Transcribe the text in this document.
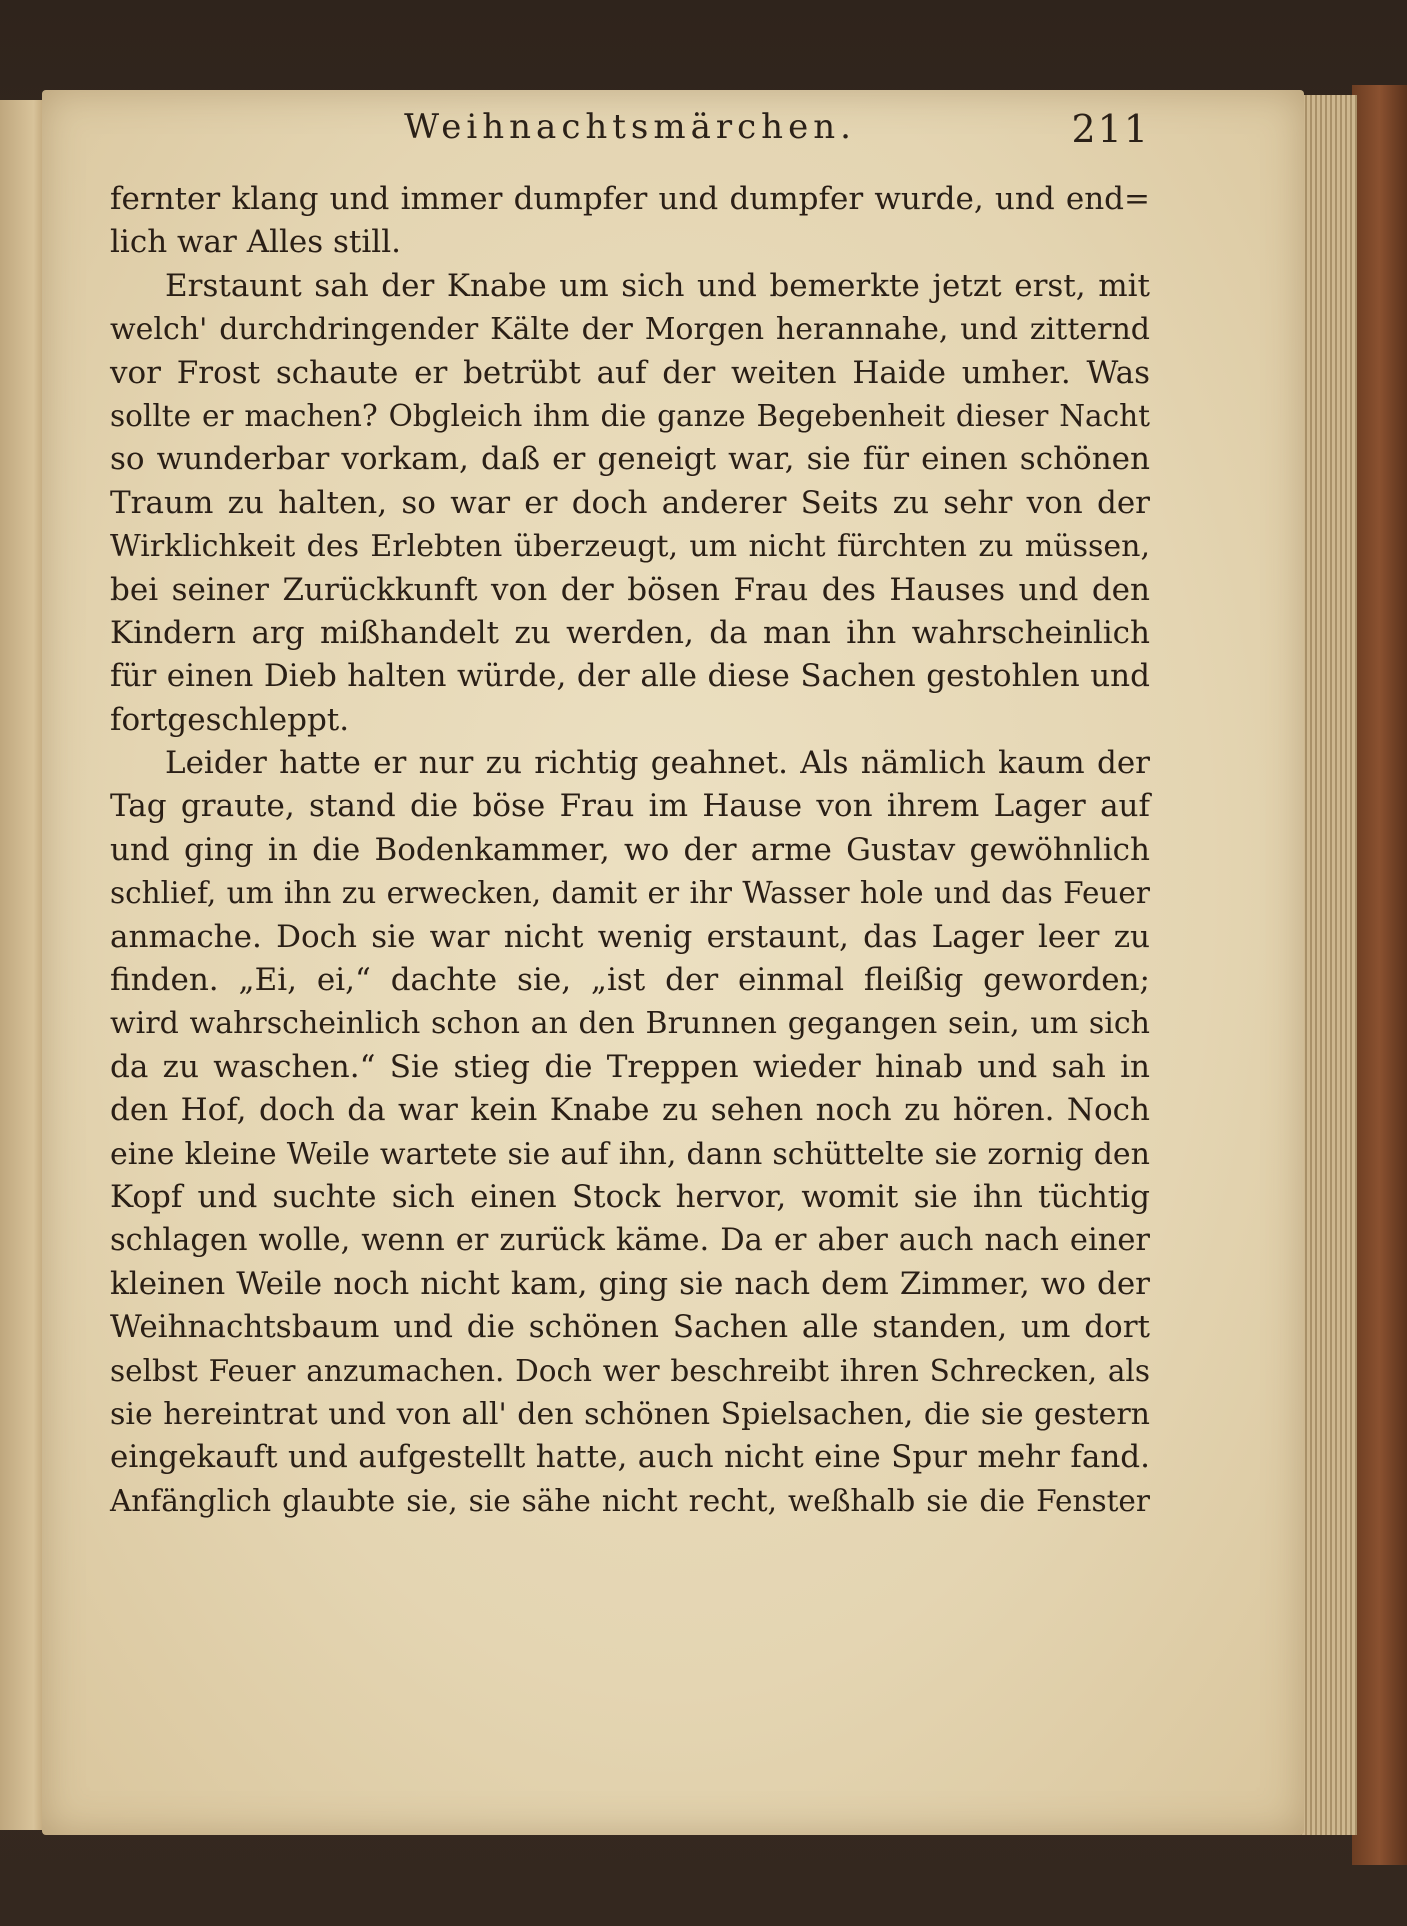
Weihnachtsmärchen.	211
fernter klang und immer dumpfer und dumpfer wurde, und end=
lich war Alles still.
Erstaunt sah der Knabe um sich und bemerkte jetzt erst, mit
welch' durchdringender Kälte der Morgen herannahe, und zitternd
vor Frost schaute er betrübt auf der weiten Haide umher. Was
sollte er machen? Obgleich ihm die ganze Begebenheit dieser Nacht
so wunderbar vorkam, daß er geneigt war, sie für einen schönen
Traum zu halten, so war er doch anderer Seits zu sehr von der
Wirklichkeit des Erlebten überzeugt, um nicht fürchten zu müssen,
bei seiner Zurückkunft von der bösen Frau des Hauses und den
Kindern arg mißhandelt zu werden, da man ihn wahrscheinlich
für einen Dieb halten würde, der alle diese Sachen gestohlen und
fortgeschleppt.
Leider hatte er nur zu richtig geahnet. Als nämlich kaum der
Tag graute, stand die böse Frau im Hause von ihrem Lager auf
und ging in die Bodenkammer, wo der arme Gustav gewöhnlich
schlief, um ihn zu erwecken, damit er ihr Wasser hole und das Feuer
anmache. Doch sie war nicht wenig erstaunt, das Lager leer zu
finden. „Ei, ei,“ dachte sie, „ist der einmal fleißig geworden;
wird wahrscheinlich schon an den Brunnen gegangen sein, um sich
da zu waschen.“ Sie stieg die Treppen wieder hinab und sah in
den Hof, doch da war kein Knabe zu sehen noch zu hören. Noch
eine kleine Weile wartete sie auf ihn, dann schüttelte sie zornig den
Kopf und suchte sich einen Stock hervor, womit sie ihn tüchtig
schlagen wolle, wenn er zurück käme. Da er aber auch nach einer
kleinen Weile noch nicht kam, ging sie nach dem Zimmer, wo der
Weihnachtsbaum und die schönen Sachen alle standen, um dort
selbst Feuer anzumachen. Doch wer beschreibt ihren Schrecken, als
sie hereintrat und von all' den schönen Spielsachen, die sie gestern
eingekauft und aufgestellt hatte, auch nicht eine Spur mehr fand.
Anfänglich glaubte sie, sie sähe nicht recht, weßhalb sie die Fenster
